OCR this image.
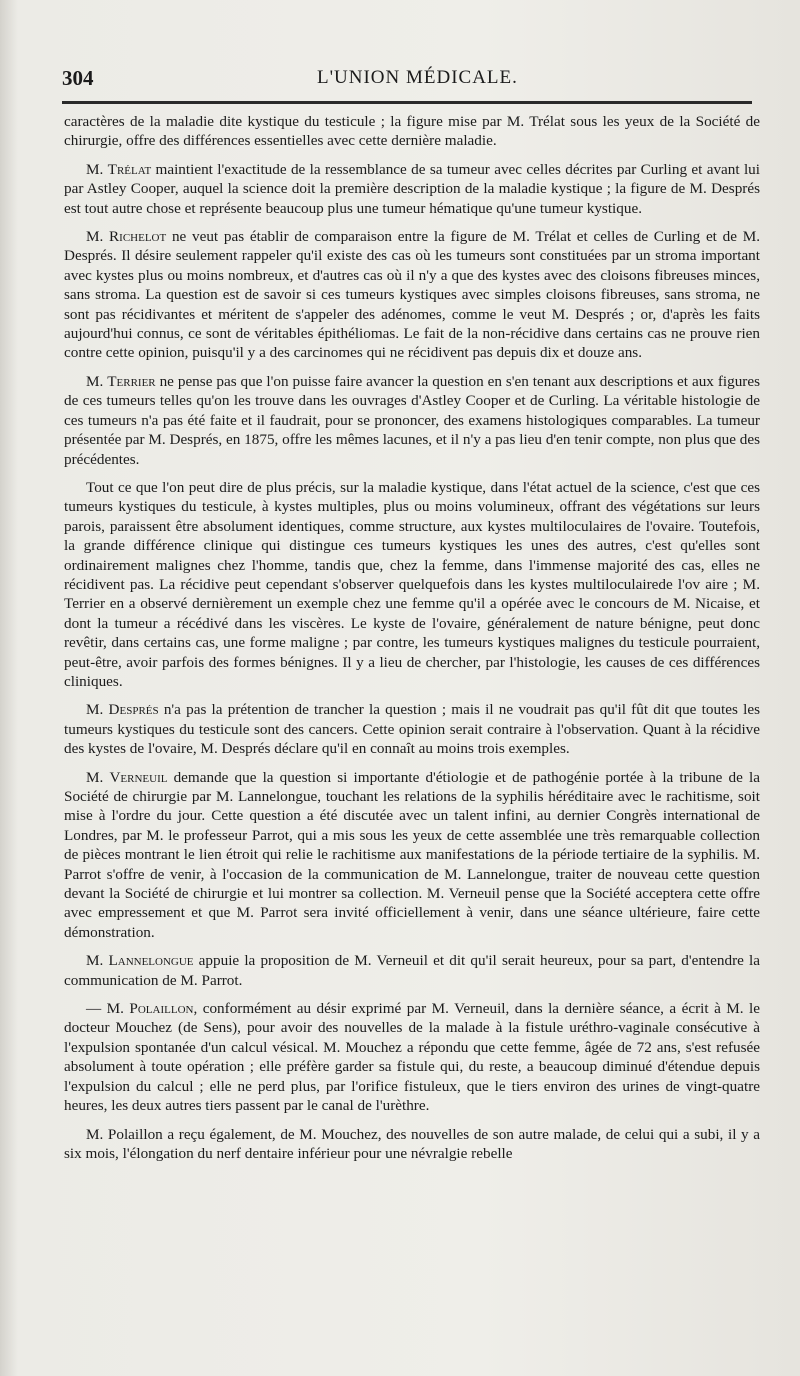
304	L'UNION MÉDICALE.

caractères de la maladie dite kystique du testicule ; la figure mise par M. Trélat sous les yeux de la Société de chirurgie, offre des différences essentielles avec cette dernière maladie.

M. Trélat maintient l'exactitude de la ressemblance de sa tumeur avec celles décrites par Curling et avant lui par Astley Cooper, auquel la science doit la première description de la maladie kystique ; la figure de M. Després est tout autre chose et représente beaucoup plus une tumeur hématique qu'une tumeur kystique.

M. Richelot ne veut pas établir de comparaison entre la figure de M. Trélat et celles de Curling et de M. Després. Il désire seulement rappeler qu'il existe des cas où les tumeurs sont constituées par un stroma important avec kystes plus ou moins nombreux, et d'autres cas où il n'y a que des kystes avec des cloisons fibreuses minces, sans stroma. La question est de savoir si ces tumeurs kystiques avec simples cloisons fibreuses, sans stroma, ne sont pas récidivantes et méritent de s'appeler des adénomes, comme le veut M. Després ; or, d'après les faits aujourd'hui connus, ce sont de véritables épithéliomas. Le fait de la non-récidive dans certains cas ne prouve rien contre cette opinion, puisqu'il y a des carcinomes qui ne récidivent pas depuis dix et douze ans.

M. Terrier ne pense pas que l'on puisse faire avancer la question en s'en tenant aux descriptions et aux figures de ces tumeurs telles qu'on les trouve dans les ouvrages d'Astley Cooper et de Curling. La véritable histologie de ces tumeurs n'a pas été faite et il faudrait, pour se prononcer, des examens histologiques comparables. La tumeur présentée par M. Després, en 1875, offre les mêmes lacunes, et il n'y a pas lieu d'en tenir compte, non plus que des précédentes.

Tout ce que l'on peut dire de plus précis, sur la maladie kystique, dans l'état actuel de la science, c'est que ces tumeurs kystiques du testicule, à kystes multiples, plus ou moins volumineux, offrant des végétations sur leurs parois, paraissent être absolument identiques, comme structure, aux kystes multiloculaires de l'ovaire. Toutefois, la grande différence clinique qui distingue ces tumeurs kystiques les unes des autres, c'est qu'elles sont ordinairement malignes chez l'homme, tandis que, chez la femme, dans l'immense majorité des cas, elles ne récidivent pas. La récidive peut cependant s'observer quelquefois dans les kystes multiloculairede l'ov aire ; M. Terrier en a observé dernièrement un exemple chez une femme qu'il a opérée avec le concours de M. Nicaise, et dont la tumeur a récédivé dans les viscères. Le kyste de l'ovaire, généralement de nature bénigne, peut donc revêtir, dans certains cas, une forme maligne ; par contre, les tumeurs kystiques malignes du testicule pourraient, peut-être, avoir parfois des formes bénignes. Il y a lieu de chercher, par l'histologie, les causes de ces différences cliniques.

M. Després n'a pas la prétention de trancher la question ; mais il ne voudrait pas qu'il fût dit que toutes les tumeurs kystiques du testicule sont des cancers. Cette opinion serait contraire à l'observation. Quant à la récidive des kystes de l'ovaire, M. Després déclare qu'il en connaît au moins trois exemples.

M. Verneuil demande que la question si importante d'étiologie et de pathogénie portée à la tribune de la Société de chirurgie par M. Lannelongue, touchant les relations de la syphilis héréditaire avec le rachitisme, soit mise à l'ordre du jour. Cette question a été discutée avec un talent infini, au dernier Congrès international de Londres, par M. le professeur Parrot, qui a mis sous les yeux de cette assemblée une très remarquable collection de pièces montrant le lien étroit qui relie le rachitisme aux manifestations de la période tertiaire de la syphilis. M. Parrot s'offre de venir, à l'occasion de la communication de M. Lannelongue, traiter de nouveau cette question devant la Société de chirurgie et lui montrer sa collection. M. Verneuil pense que la Société acceptera cette offre avec empressement et que M. Parrot sera invité officiellement à venir, dans une séance ultérieure, faire cette démonstration.

M. Lannelongue appuie la proposition de M. Verneuil et dit qu'il serait heureux, pour sa part, d'entendre la communication de M. Parrot.

— M. Polaillon, conformément au désir exprimé par M. Verneuil, dans la dernière séance, a écrit à M. le docteur Mouchez (de Sens), pour avoir des nouvelles de la malade à la fistule uréthro-vaginale consécutive à l'expulsion spontanée d'un calcul vésical. M. Mouchez a répondu que cette femme, âgée de 72 ans, s'est refusée absolument à toute opération ; elle préfère garder sa fistule qui, du reste, a beaucoup diminué d'étendue depuis l'expulsion du calcul ; elle ne perd plus, par l'orifice fistuleux, que le tiers environ des urines de vingt-quatre heures, les deux autres tiers passent par le canal de l'urèthre.

M. Polaillon a reçu également, de M. Mouchez, des nouvelles de son autre malade, de celui qui a subi, il y a six mois, l'élongation du nerf dentaire inférieur pour une névralgie rebelle
